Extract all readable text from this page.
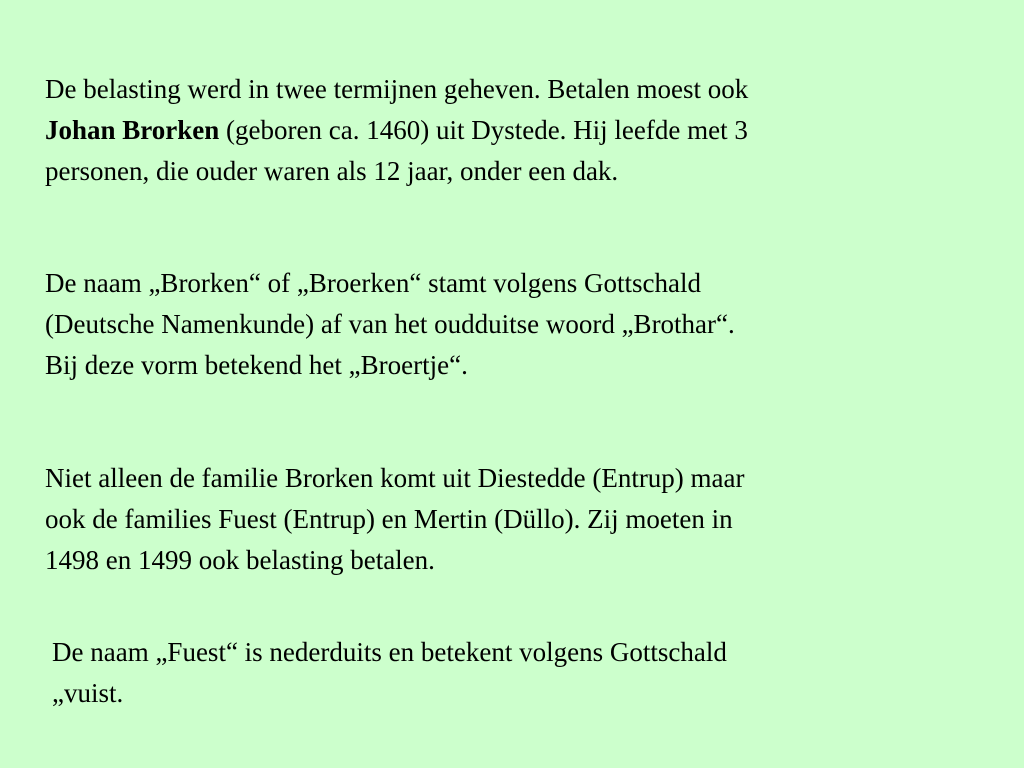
De belasting werd in twee termijnen geheven. Betalen moest ook
Johan Brorken (geboren ca. 1460) uit Dystede. Hij leefde met 3
personen, die ouder waren als 12 jaar, onder een dak.
De naam „Brorken“ of „Broerken“ stamt volgens Gottschald
(Deutsche Namenkunde) af van het oudduitse woord „Brothar“.
Bij deze vorm betekend het „Broertje“.
Niet alleen de familie Brorken komt uit Diestedde (Entrup) maar
ook de families Fuest (Entrup) en Mertin (Düllo). Zij moeten in
1498 en 1499 ook belasting betalen.
De naam „Fuest“ is nederduits en betekent volgens Gottschald
„vuist.
